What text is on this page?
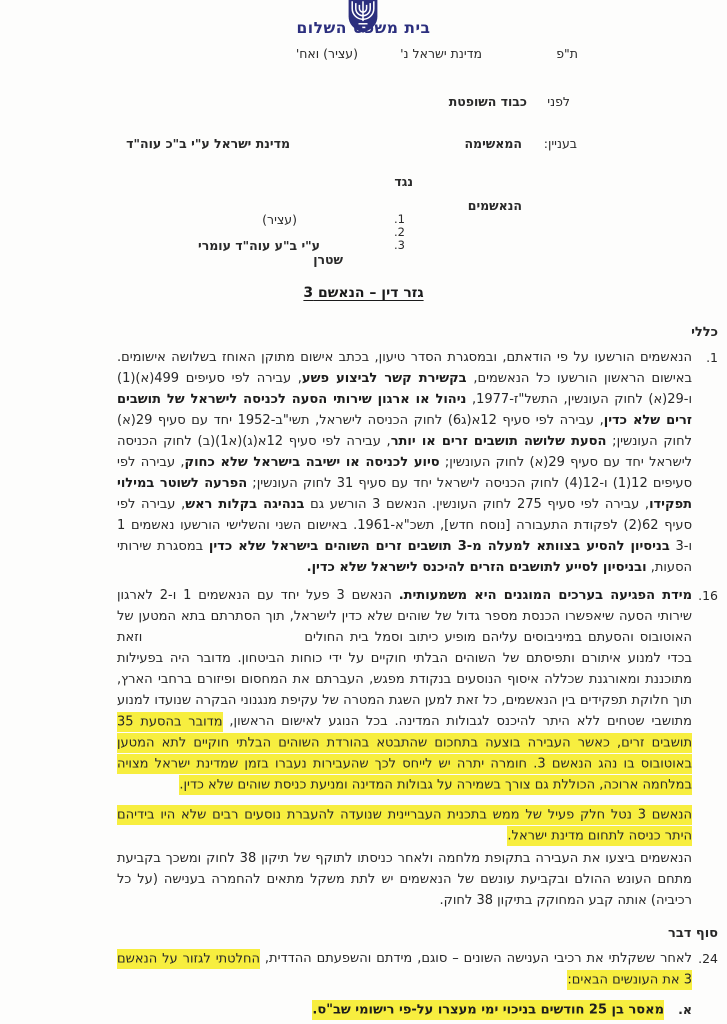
בית משפט השלום
ת"פ
מדינת ישראל נ'
(עציר) ואח'
לפני
כבוד השופטת
בעניין:
המאשימה
מדינת ישראל ע"י ב"כ עוה"ד
נגד
הנאשמים
1.
(עציר)
2.
3.
ע"י ב"ע עוה"ד עומרי
שטרן
גזר דין – הנאשם 3
כללי
1.
הנאשמים הורשעו על פי הודאתם, ובמסגרת הסדר טיעון, בכתב אישום מתוקן האוחז בשלושה אישומים. באישום הראשון הורשעו כל הנאשמים, בקשירת קשר לביצוע פשע, עבירה לפי סעיפים 499(א)(1) ו-29(א) לחוק העונשין, התשל"ז-1977, ניהול או ארגון שירותי הסעה לכניסה לישראל של תושבים זרים שלא כדין, עבירה לפי סעיף 12א(ג6) לחוק הכניסה לישראל, תשי"ב-1952 יחד עם סעיף 29(א) לחוק העונשין; הסעת שלושה תושבים זרים או יותר, עבירה לפי סעיף 12א(ג)(א1)(ב) לחוק הכניסה לישראל יחד עם סעיף 29(א) לחוק העונשין; סיוע לכניסה או ישיבה בישראל שלא כחוק, עבירה לפי סעיפים 12(1) ו-12(4) לחוק הכניסה לישראל יחד עם סעיף 31 לחוק העונשין; הפרעה לשוטר במילוי תפקידו, עבירה לפי סעיף 275 לחוק העונשין. הנאשם 3 הורשע גם בנהיגה בקלות ראש, עבירה לפי סעיף 62(2) לפקודת התעבורה [נוסח חדש], תשכ"א-1961. באישום השני והשלישי הורשעו נאשמים 1 ו-3 בניסיון להסיע בצוותא למעלה מ-3 תושבים זרים השוהים בישראל שלא כדין במסגרת שירותי הסעות, ובניסיון לסייע לתושבים הזרים להיכנס לישראל שלא כדין.
16.
מידת הפגיעה בערכים המוגנים היא משמעותית. הנאשם 3 פעל יחד עם הנאשמים 1 ו-2 לארגון שירותי הסעה שיאפשרו הכנסת מספר גדול של שוהים שלא כדין לישראל, תוך הסתרתם בתא המטען של האוטובוס והסעתם במיניבוסים עליהם מופיע כיתוב וסמל בית החולים   וזאת בכדי למנוע איתורם ותפיסתם של השוהים הבלתי חוקיים על ידי כוחות הביטחון. מדובר היה בפעילות מתוכננת ומאורגנת שכללה איסוף הנוסעים בנקודת מפגש, העברתם את המחסום ופיזורם ברחבי הארץ, תוך חלוקת תפקידים בין הנאשמים, כל זאת למען השגת המטרה של עקיפת מנגנוני הבקרה שנועדו למנוע מתושבי שטחים ללא היתר להיכנס לגבולות המדינה. בכל הנוגע לאישום הראשון, מדובר בהסעת 35 תושבים זרים, כאשר העבירה בוצעה בתחכום שהתבטא בהורדת השוהים הבלתי חוקיים לתא המטען באוטובוס בו נהג הנאשם 3. חומרה יתרה יש לייחס לכך שהעבירות נעברו בזמן שמדינת ישראל מצויה במלחמה ארוכה, הכוללת גם צורך בשמירה על גבולות המדינה ומניעת כניסת שוהים שלא כדין.
הנאשם 3 נטל חלק פעיל של ממש בתכנית העבריינית שנועדה להעברת נוסעים רבים שלא היו בידיהם היתר כניסה לתחום מדינת ישראל.
הנאשמים ביצעו את העבירה בתקופת מלחמה ולאחר כניסתו לתוקף של תיקון 38 לחוק ומשכך בקביעת מתחם העונש ההולם ובקביעת עונשם של הנאשמים יש לתת משקל מתאים להחמרה בענישה (על כל רכיביה) אותה קבע המחוקק בתיקון 38 לחוק.
סוף דבר
24.
לאחר ששקלתי את רכיבי הענישה השונים – סוגם, מידתם והשפעתם ההדדית, החלטתי לגזור על הנאשם 3 את העונשים הבאים:
א.
מאסר בן 25 חודשים בניכוי ימי מעצרו על-פי רישומי שב"ס.
